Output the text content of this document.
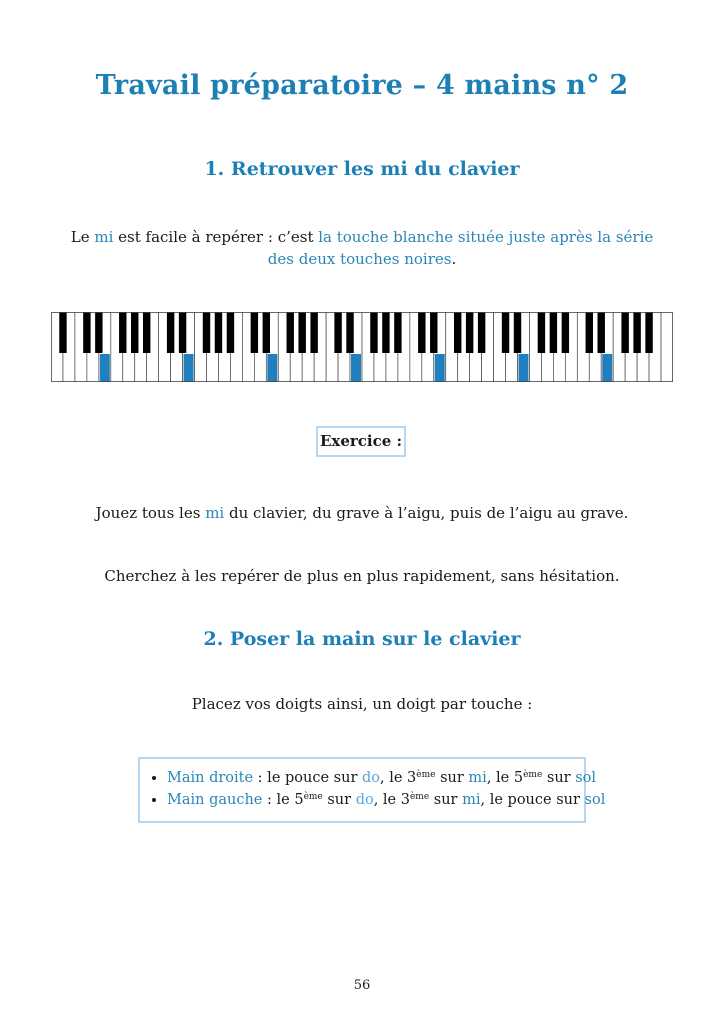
Travail préparatoire – 4 mains n° 2
1. Retrouver les mi du clavier
Le mi est facile à repérer : c’est la touche blanche située juste après la série des deux touches noires.
Exercice :
Jouez tous les mi du clavier, du grave à l’aigu, puis de l’aigu au grave.
Cherchez à les repérer de plus en plus rapidement, sans hésitation.
2. Poser la main sur le clavier
Placez vos doigts ainsi, un doigt par touche :
• Main droite : le pouce sur do, le 3ème sur mi, le 5ème sur sol
• Main gauche : le 5ème sur do, le 3ème sur mi, le pouce sur sol
56
